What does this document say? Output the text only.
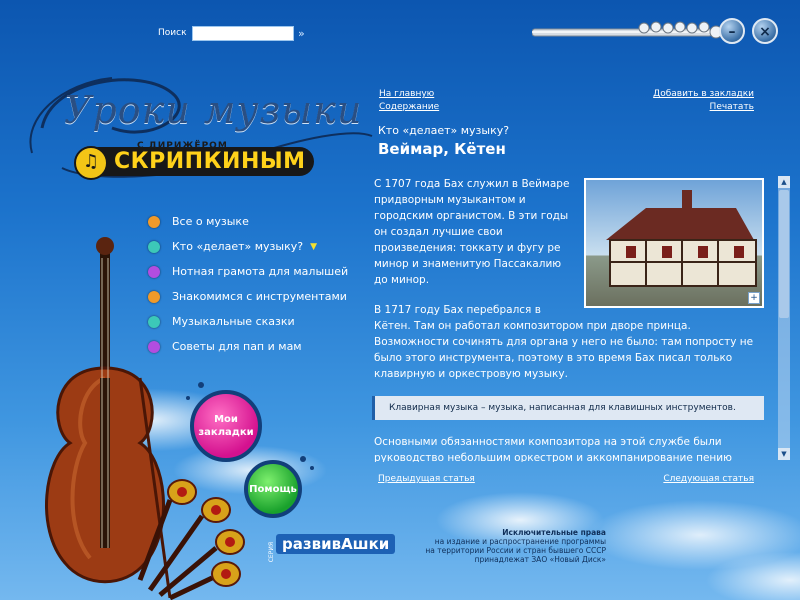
Поиск	»	–	×
Уроки музыки
СКРИПКИНЫМ
С ДИРИЖЁРОМ
♫
Все о музыке
Кто «делает» музыку? ▼
Нотная грамота для малышей
Знакомимся с инструментами
Музыкальные сказки
Советы для пап и мам
Мои закладки
Помощь
На главную
Содержание
Добавить в закладки
Печатать
Кто «делает» музыку?
Веймар, Кётен
+

С 1707 года Бах служил в Веймаре придворным музыкантом и городским органистом. В эти годы он создал лучшие свои произведения: токкату и фугу ре минор и знаменитую Пассакалию до минор.

В 1717 году Бах перебрался в Кётен. Там он работал композитором при дворе принца. Возможности сочинять для органа у него не было: там попросту не было этого инструмента, поэтому в это время Бах писал только клавирную и оркестровую музыку.

Клавирная музыка – музыка, написанная для клавишных инструментов.

Основными обязанностями композитора на этой службе были руководство небольшим оркестром и аккомпанирование пению

▲
▼
Предыдущая статья	Следующая статья
СЕРИЯ развивАшки
Исключительные права
на издание и распространение программы
на территории России и стран бывшего СССР
принадлежат ЗАО «Новый Диск»
